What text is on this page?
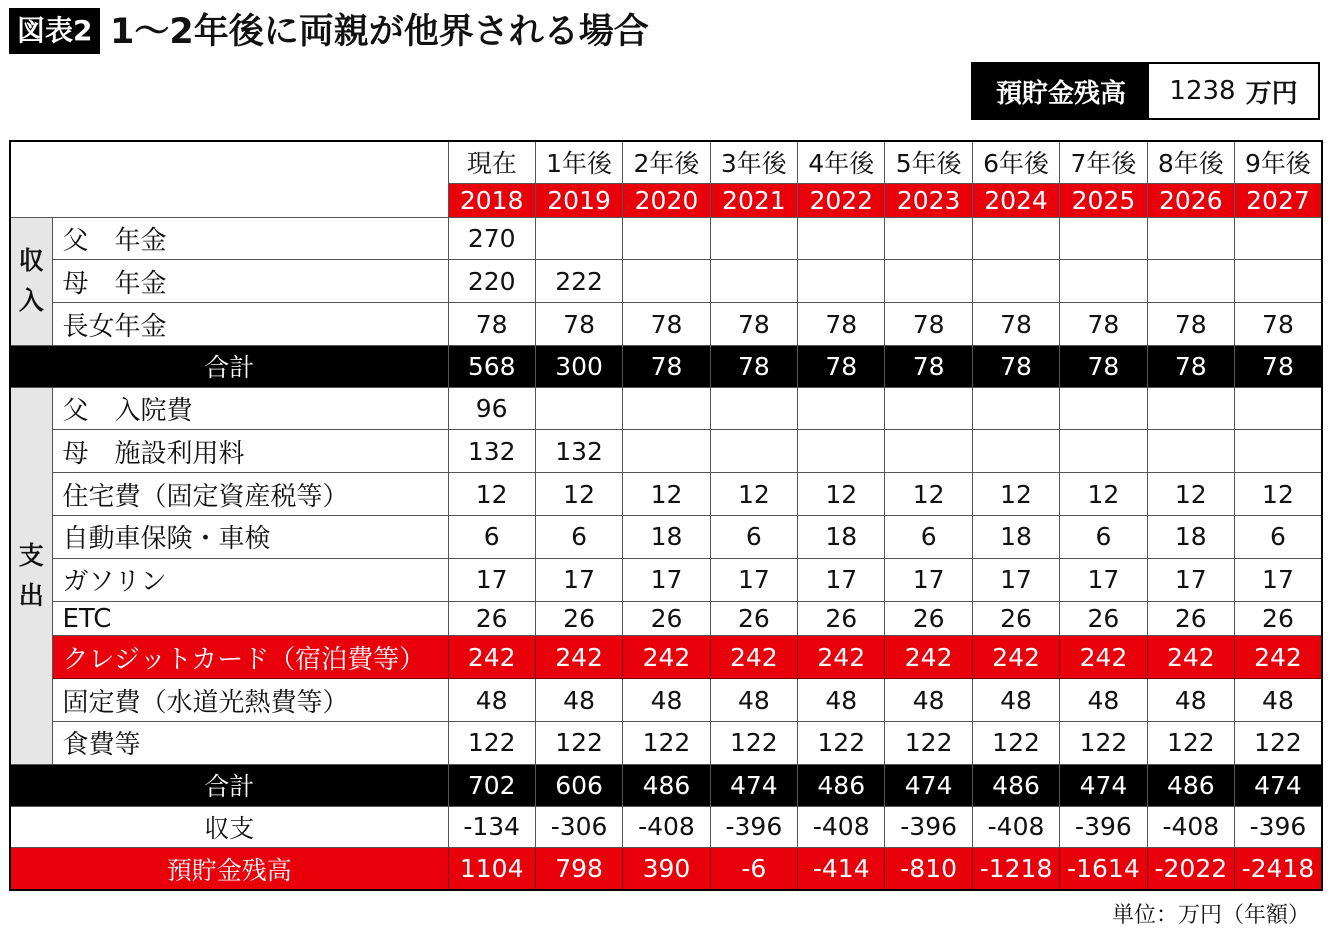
図表2 1～2年後に両親が他界される場合
預貯金残高	1238 万円
		現在	1年後	2年後	3年後	4年後	5年後	6年後	7年後	8年後	9年後
		2018	2019	2020	2021	2022	2023	2024	2025	2026	2027

収
入	父　年金	270									
	母　年金	220	222								
	長女年金	78	78	78	78	78	78	78	78	78	78
合計		568	300	78	78	78	78	78	78	78	78

支
出	父　入院費	96									
	母　施設利用料	132	132								
	住宅費（固定資産税等）	12	12	12	12	12	12	12	12	12	12
	自動車保険・車検	6	6	18	6	18	6	18	6	18	6
	ガソリン	17	17	17	17	17	17	17	17	17	17
	ETC	26	26	26	26	26	26	26	26	26	26
	クレジットカード（宿泊費等）	242	242	242	242	242	242	242	242	242	242
	固定費（水道光熱費等）	48	48	48	48	48	48	48	48	48	48
	食費等	122	122	122	122	122	122	122	122	122	122
合計		702	606	486	474	486	474	486	474	486	474
収支		-134	-306	-408	-396	-408	-396	-408	-396	-408	-396
預貯金残高		1104	798	390	-6	-414	-810	-1218	-1614	-2022	-2418
単位：万円（年額）
